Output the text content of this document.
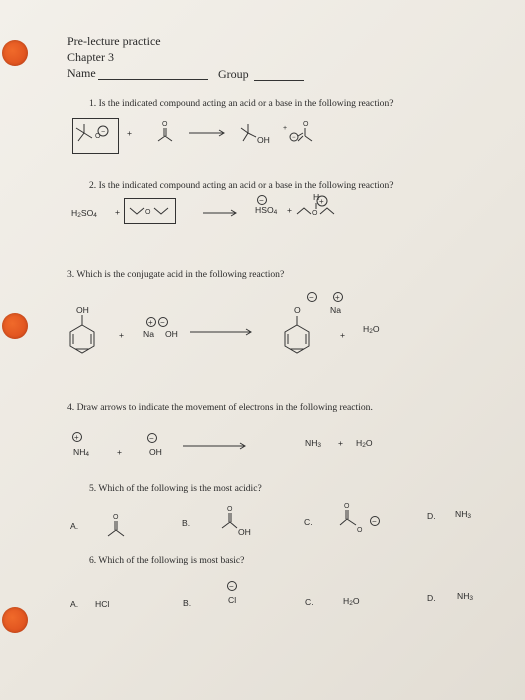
Pre-lecture practice
Chapter 3
Name	Group
1. Is the indicated compound acting an acid or a base in the following reaction?
O
−
O	O
−
+
OH
+
2. Is the indicated compound acting an acid or a base in the following reaction?
H2SO4 +	O	O
+
−
HSO4 +
H
3. Which is the conjugate acid in the following reaction?
OH
+ −
−	+
+ Na OH
O	Na
+
H2O
4. Draw arrows to indicate the movement of electrons in the following reaction.
+	−
NH4	+	OH
NH3 + H2O
5. Which of the following is the most acidic?
A.	B.
OH
C.
D. NH3
O
O	O
O
−
6. Which of the following is most basic?
A. HCl	B.
−
Cl	C.	H2O	D. NH3
